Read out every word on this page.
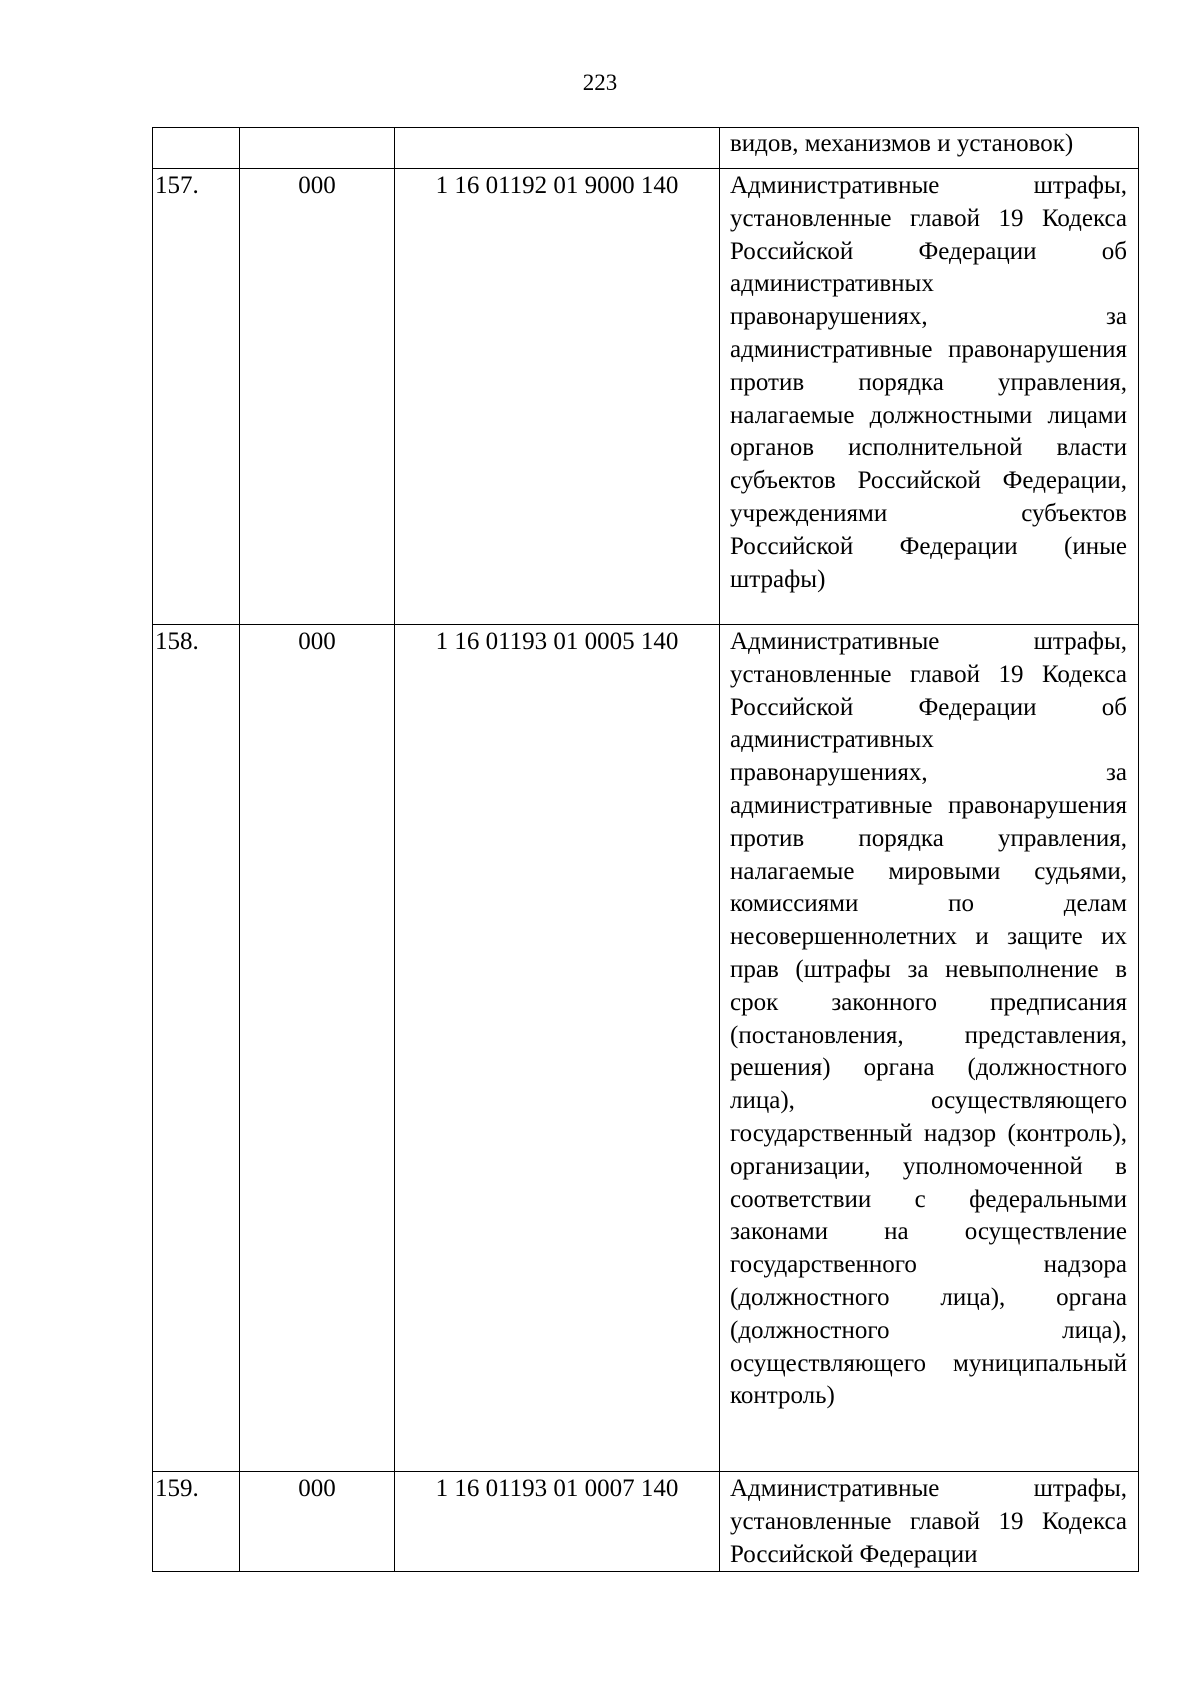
223
			видов, механизмов и установок)
157.	000	1 16 01192 01 9000 140	Административные штрафы, установленные главой 19 Кодекса Российской Федерации об административных правонарушениях, за административные правонарушения против порядка управления, налагаемые должностными лицами органов исполнительной власти субъектов Российской Федерации, учреждениями субъектов Российской Федерации (иные штрафы)
158.	000	1 16 01193 01 0005 140	Административные штрафы, установленные главой 19 Кодекса Российской Федерации об административных правонарушениях, за административные правонарушения против порядка управления, налагаемые мировыми судьями, комиссиями по делам несовершеннолетних и защите их прав (штрафы за невыполнение в срок законного предписания (постановления, представления, решения) органа (должностного лица), осуществляющего государственный надзор (контроль), организации, уполномоченной в соответствии с федеральными законами на осуществление государственного надзора (должностного лица), органа (должностного лица), осуществляющего муниципальный контроль)
159.	000	1 16 01193 01 0007 140	Административные штрафы, установленные главой 19 Кодекса Российской Федерации
